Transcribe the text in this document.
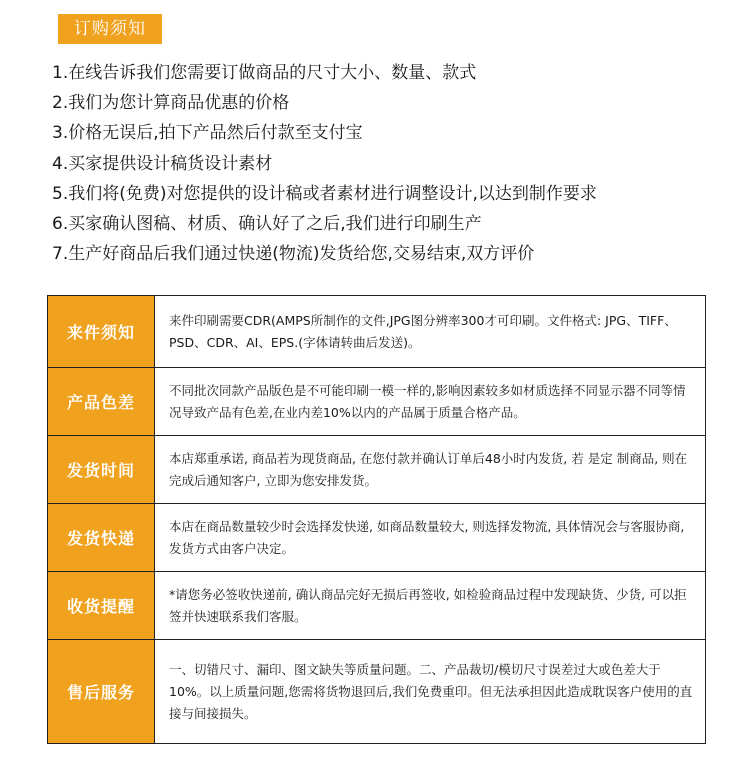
订购须知
1.在线告诉我们您需要订做商品的尺寸大小、数量、款式
2.我们为您计算商品优惠的价格
3.价格无误后,拍下产品然后付款至支付宝
4.买家提供设计稿货设计素材
5.我们将(免费)对您提供的设计稿或者素材进行调整设计,以达到制作要求
6.买家确认图稿、材质、确认好了之后,我们进行印刷生产
7.生产好商品后我们通过快递(物流)发货给您,交易结束,双方评价
来件须知
来件印刷需要CDR(AMPS所制作的文件,JPG图分辨率300才可印刷。文件格式: JPG、TIFF、PSD、CDR、AI、EPS.(字体请转曲后发送)。
产品色差
不同批次同款产品版色是不可能印刷一模一样的,影响因素较多如材质选择不同显示器不同等情况导致产品有色差,在业内差10%以内的产品属于质量合格产品。
发货时间
本店郑重承诺, 商品若为现货商品, 在您付款并确认订单后48小时内发货, 若 是定 制商品, 则在完成后通知客户, 立即为您安排发货。
发货快递
本店在商品数量较少时会选择发快递, 如商品数量较大, 则选择发物流, 具体情况会与客服协商, 发货方式由客户决定。
收货提醒
*请您务必签收快递前, 确认商品完好无损后再签收, 如检验商品过程中发现缺货、少货, 可以拒签并快速联系我们客服。
售后服务
一、切错尺寸、漏印、图文缺失等质量问题。二、产品裁切/模切尺寸误差过大或色差大于10%。以上质量问题,您需将货物退回后,我们免费重印。但无法承担因此造成耽误客户使用的直接与间接损失。
